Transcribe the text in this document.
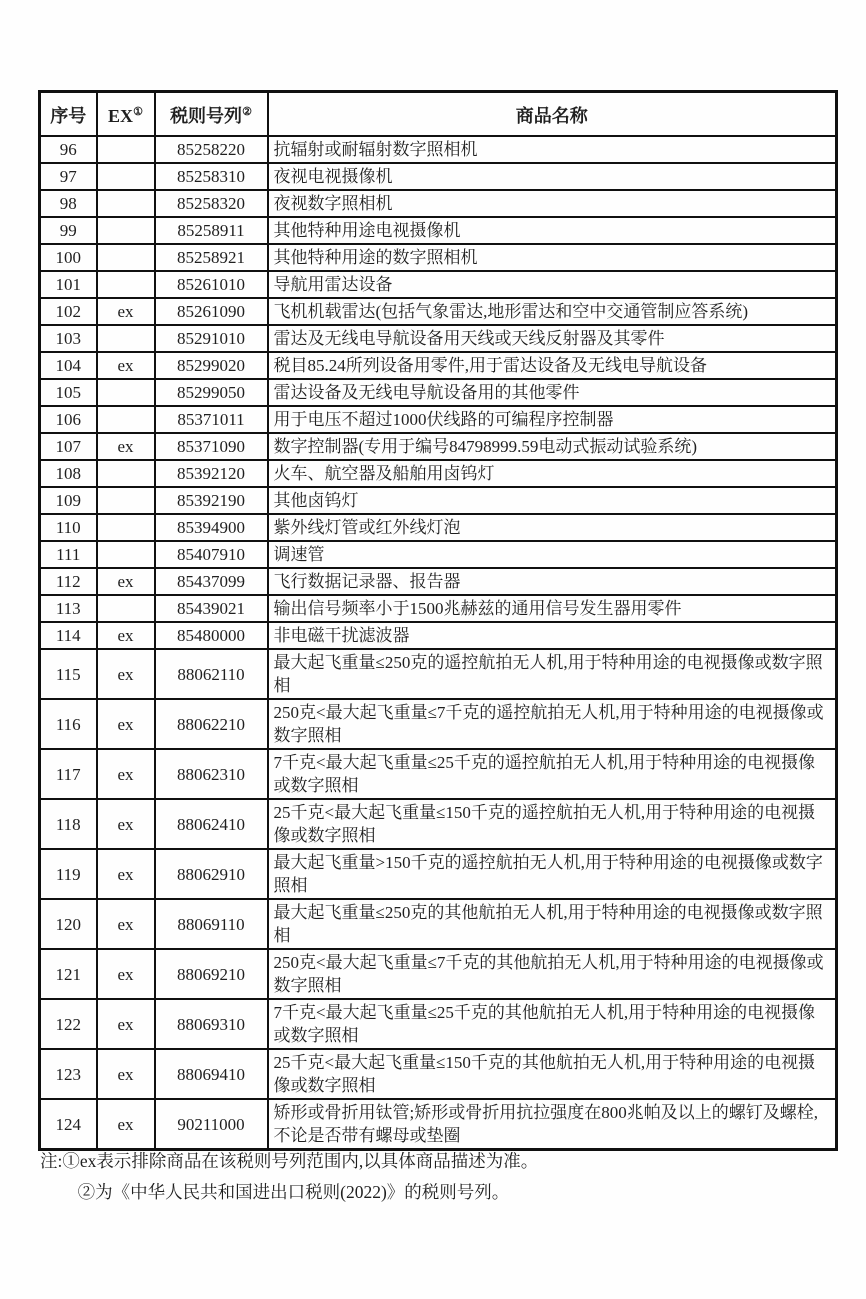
序号	EX①	税则号列②	商品名称
96		85258220	抗辐射或耐辐射数字照相机
97		85258310	夜视电视摄像机
98		85258320	夜视数字照相机
99		85258911	其他特种用途电视摄像机
100		85258921	其他特种用途的数字照相机
101		85261010	导航用雷达设备
102	ex	85261090	飞机机载雷达(包括气象雷达,地形雷达和空中交通管制应答系统)
103		85291010	雷达及无线电导航设备用天线或天线反射器及其零件
104	ex	85299020	税目85.24所列设备用零件,用于雷达设备及无线电导航设备
105		85299050	雷达设备及无线电导航设备用的其他零件
106		85371011	用于电压不超过1000伏线路的可编程序控制器
107	ex	85371090	数字控制器(专用于编号84798999.59电动式振动试验系统)
108		85392120	火车、航空器及船舶用卤钨灯
109		85392190	其他卤钨灯
110		85394900	紫外线灯管或红外线灯泡
111		85407910	调速管
112	ex	85437099	飞行数据记录器、报告器
113		85439021	输出信号频率小于1500兆赫兹的通用信号发生器用零件
114	ex	85480000	非电磁干扰滤波器
115	ex	88062110	最大起飞重量≤250克的遥控航拍无人机,用于特种用途的电视摄像或数字照相
116	ex	88062210	250克<最大起飞重量≤7千克的遥控航拍无人机,用于特种用途的电视摄像或数字照相
117	ex	88062310	7千克<最大起飞重量≤25千克的遥控航拍无人机,用于特种用途的电视摄像或数字照相
118	ex	88062410	25千克<最大起飞重量≤150千克的遥控航拍无人机,用于特种用途的电视摄像或数字照相
119	ex	88062910	最大起飞重量>150千克的遥控航拍无人机,用于特种用途的电视摄像或数字照相
120	ex	88069110	最大起飞重量≤250克的其他航拍无人机,用于特种用途的电视摄像或数字照相
121	ex	88069210	250克<最大起飞重量≤7千克的其他航拍无人机,用于特种用途的电视摄像或数字照相
122	ex	88069310	7千克<最大起飞重量≤25千克的其他航拍无人机,用于特种用途的电视摄像或数字照相
123	ex	88069410	25千克<最大起飞重量≤150千克的其他航拍无人机,用于特种用途的电视摄像或数字照相
124	ex	90211000	矫形或骨折用钛管;矫形或骨折用抗拉强度在800兆帕及以上的螺钉及螺栓,不论是否带有螺母或垫圈
注:①ex表示排除商品在该税则号列范围内,以具体商品描述为准。
②为《中华人民共和国进出口税则(2022)》的税则号列。
